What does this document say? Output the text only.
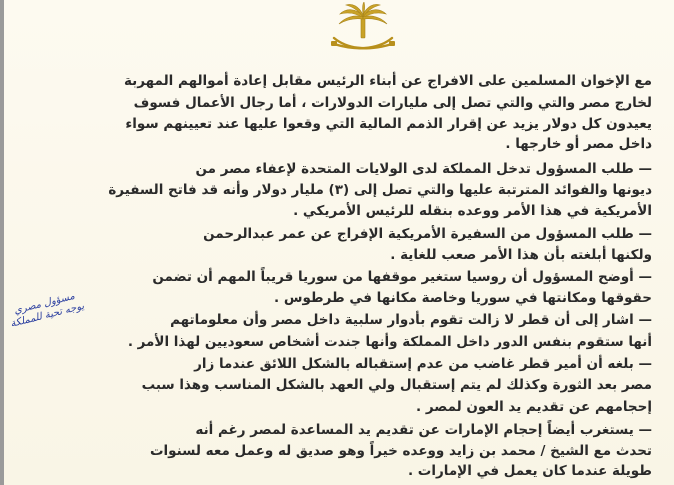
مع الإخوان المسلمين على الافراج عن أبناء الرئيس مقابل إعادة أموالهم المهربة
لخارج مصر والتي والتي تصل إلى مليارات الدولارات ، أما رجال الأعمال فسوف
يعيدون كل دولار يزيد عن إقرار الذمم المالية التي وقعوا عليها عند تعيينهم سواء
داخل مصر أو خارجها .
— طلب المسؤول تدخل المملكة لدى الولايات المتحدة لإعفاء مصر من
ديونها والفوائد المترتبة عليها والتي تصل إلى (٣) مليار دولار وأنه قد فاتح السفيرة
الأمريكية في هذا الأمر ووعده بنقله للرئيس الأمريكي .
— طلب المسؤول من السفيرة الأمريكية الإفراج عن عمر عبدالرحمن
ولكنها أبلغته بأن هذا الأمر صعب للغاية .
— أوضح المسؤول أن روسيا ستغير موقفها من سوريا قريباً المهم أن تضمن
حقوقها ومكانتها في سوريا وخاصة مكانها في طرطوس .
— اشار إلى أن قطر لا زالت تقوم بأدوار سلبية داخل مصر وأن معلوماتهم
أنها ستقوم بنفس الدور داخل المملكة وأنها جندت أشخاص سعوديين لهذا الأمر .
— بلغه أن أمير قطر غاضب من عدم إستقباله بالشكل اللائق عندما زار
مصر بعد الثورة وكذلك لم يتم إستقبال ولي العهد بالشكل المناسب وهذا سبب
إحجامهم عن تقديم يد العون لمصر .
— يستغرب أيضاً إحجام الإمارات عن تقديم يد المساعدة لمصر رغم أنه
تحدث مع الشيخ / محمد بن زايد ووعده خيراً وهو صديق له وعمل معه لسنوات
طويلة عندما كان يعمل في الإمارات .
مسؤول مصري يوجه تحية للمملكة
